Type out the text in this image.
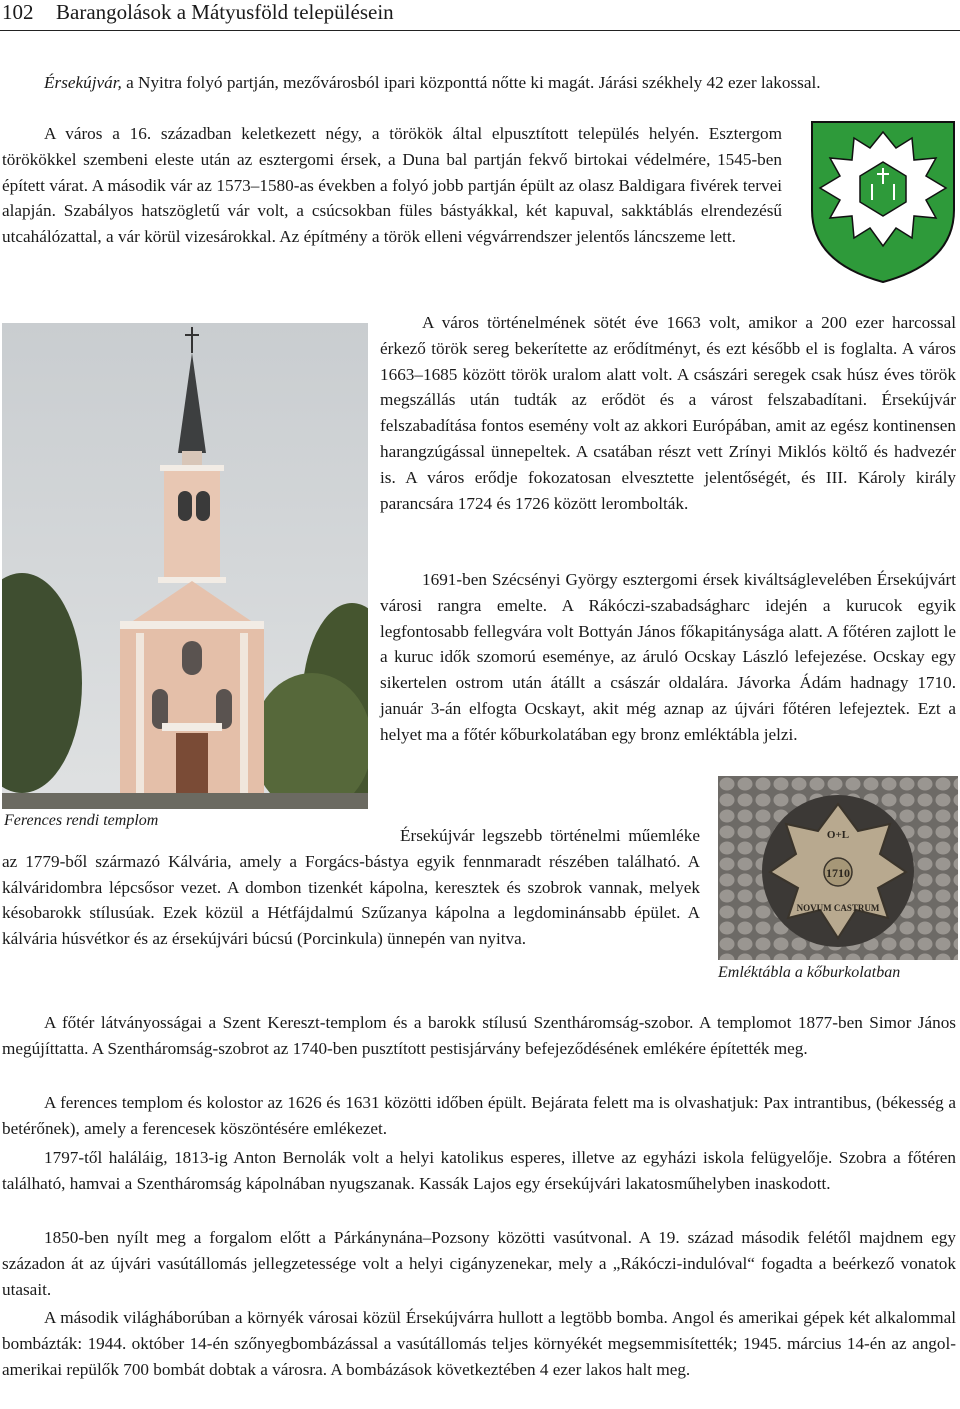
102 Barangolások a Mátyusföld településein

Érsekújvár, a Nyitra folyó partján, mezővárosból ipari központtá nőtte ki magát. Járási székhely 42 ezer lakossal.

A város a 16. században keletkezett négy, a törökök által elpusztított település helyén. Esztergom törökökkel szembeni eleste után az esztergomi érsek, a Duna bal partján fekvő birtokai védelmére, 1545-ben épített várat. A második vár az 1573–1580-as években a folyó jobb partján épült az olasz Baldigara fivérek tervei alapján. Szabályos hatszögletű vár volt, a csúcsokban füles bástyákkal, két kapuval, sakktáblás elrendezésű utcahálózattal, a vár körül vizesárokkal. Az építmény a török elleni végvárrendszer jelentős láncszeme lett.

Ferences rendi templom

A város történelmének sötét éve 1663 volt, amikor a 200 ezer harcossal érkező török sereg bekerítette az erődítményt, és ezt később el is foglalta. A város 1663–1685 között török uralom alatt volt. A császári seregek csak húsz éves török megszállás után tudták az erődöt és a várost felszabadítani. Érsekújvár felszabadítása fontos esemény volt az akkori Európában, amit az egész kontinensen harangzúgással ünnepeltek. A csatában részt vett Zrínyi Miklós költő és hadvezér is. A város erődje fokozatosan elvesztette jelentőségét, és III. Károly király parancsára 1724 és 1726 között lerombolták.

1691-ben Szécsényi György esztergomi érsek kiváltságlevelében Érsekújvárt városi rangra emelte. A Rákóczi-szabadságharc idején a kurucok egyik legfontosabb fellegvára volt Bottyán János főkapitánysága alatt. A főtéren zajlott le a kuruc idők szomorú eseménye, az áruló Ocskay László lefejezése. Ocskay egy sikertelen ostrom után átállt a császár oldalára. Jávorka Ádám hadnagy 1710. január 3-án elfogta Ocskayt, akit még aznap az újvári főtéren lefejeztek. Ezt a helyet ma a főtér kőburkolatában egy bronz emléktábla jelzi.

1710
O+L
NOVUM CASTRUM
Emléktábla a kőburkolatban

Érsekújvár legszebb történelmi műemléke az 1779-ből származó Kálvária, amely a Forgács-bástya egyik fennmaradt részében található. A kálváridombra lépcsősor vezet. A dombon tizenkét kápolna, keresztek és szobrok vannak, melyek késobarokk stílusúak. Ezek közül a Hétfájdalmú Szűzanya kápolna a legdominánsabb épület. A kálvária húsvétkor és az érsekújvári búcsú (Porcinkula) ünnepén van nyitva.

A főtér látványosságai a Szent Kereszt-templom és a barokk stílusú Szentháromság-szobor. A templomot 1877-ben Simor János megújíttatta. A Szentháromság-szobrot az 1740-ben pusztított pestisjárvány befejeződésének emlékére építették meg.

A ferences templom és kolostor az 1626 és 1631 közötti időben épült. Bejárata felett ma is olvashatjuk: Pax intrantibus, (békesség a betérőnek), amely a ferencesek köszöntésére emlékezet.

1797-től haláláig, 1813-ig Anton Bernolák volt a helyi katolikus esperes, illetve az egyházi iskola felügyelője. Szobra a főtéren található, hamvai a Szentháromság kápolnában nyugszanak. Kassák Lajos egy érsekújvári lakatosműhelyben inaskodott.

1850-ben nyílt meg a forgalom előtt a Párkánynána–Pozsony közötti vasútvonal. A 19. század második felétől majdnem egy századon át az újvári vasútállomás jellegzetessége volt a helyi cigányzenekar, mely a „Rákóczi-indulóval“ fogadta a beérkező vonatok utasait.

A második világháborúban a környék városai közül Érsekújvárra hullott a legtöbb bomba. Angol és amerikai gépek két alkalommal bombázták: 1944. október 14-én szőnyegbombázással a vasútállomás teljes környékét megsemmisítették; 1945. március 14-én az angol-amerikai repülők 700 bombát dobtak a városra. A bombázások következtében 4 ezer lakos halt meg.
